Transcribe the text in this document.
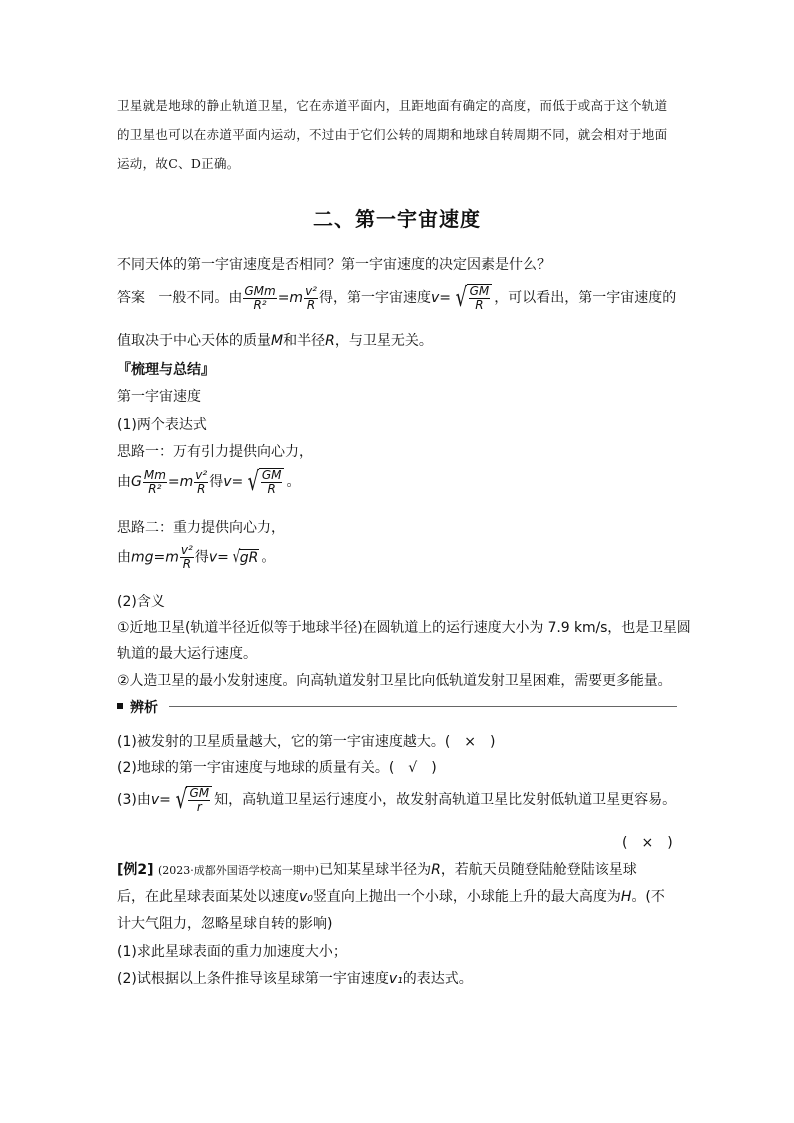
卫星就是地球的静止轨道卫星，它在赤道平面内，且距地面有确定的高度，而低于或高于这个轨道的卫星也可以在赤道平面内运动，不过由于它们公转的周期和地球自转周期不同，就会相对于地面运动，故C、D正确。
二、第一宇宙速度
不同天体的第一宇宙速度是否相同？第一宇宙速度的决定因素是什么？
答案 一般不同。由 $\frac{\text{GMm}}{\text{R²}} =m \frac{\text{v²}}{R}$ 得，第一宇宙速度v= √ $\frac{GM}{R}$ ，可以看出，第一宇宙速度的
值取决于中心天体的质量M和半径R，与卫星无关。
『梳理与总结』
第一宇宙速度
(1)两个表达式
思路一：万有引力提供向心力，
由G $\frac{Mm}{\text{R²}} =m \frac{\text{v²}}{R}$ 得v= √ $\frac{GM}{R}$ 。
思路二：重力提供向心力，
由$mg=m \frac{\text{v²}}{R}$ 得v= √ gR 。
(2)含义
①近地卫星(轨道半径近似等于地球半径)在圆轨道上的运行速度大小为 7.9 km/s，也是卫星圆
轨道的最大运行速度。
②人造卫星的最小发射速度。向高轨道发射卫星比向低轨道发射卫星困难，需要更多能量。
辨析
(1)被发射的卫星质量越大，它的第一宇宙速度越大。(　×　)
(2)地球的第一宇宙速度与地球的质量有关。(　√　)
(3)由v= √ $\frac{GM}{r}$ 知，高轨道卫星运行速度小，故发射高轨道卫星比发射低轨道卫星更容易。
(　×　)
[例2] (2023·成都外国语学校高一期中)已知某星球半径为R，若航天员随登陆舱登陆该星球
后，在此星球表面某处以速度v₀竖直向上抛出一个小球，小球能上升的最大高度为H。(不
计大气阻力，忽略星球自转的影响)
(1)求此星球表面的重力加速度大小；
(2)试根据以上条件推导该星球第一宇宙速度v₁的表达式。
